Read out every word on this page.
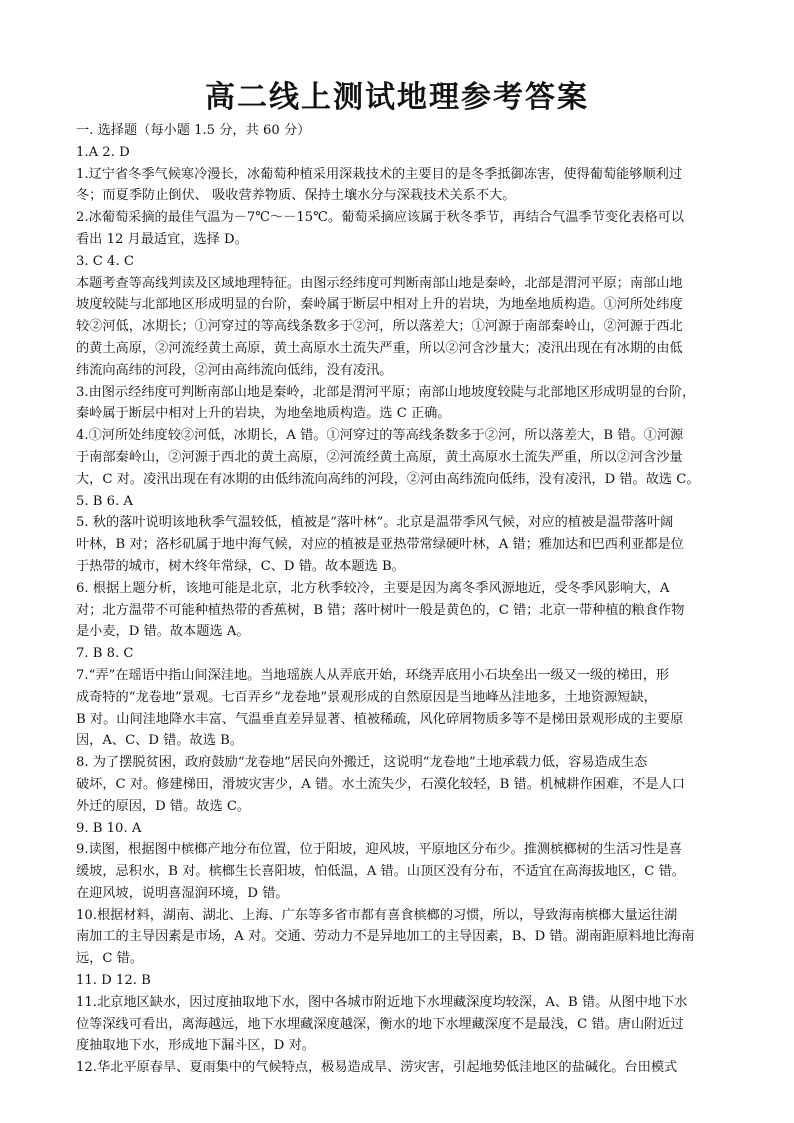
高二线上测试地理参考答案
一. 选择题（每小题 1.5 分，共 60 分）
1.A 2. D
1.辽宁省冬季气候寒冷漫长，冰葡萄种植采用深栽技术的主要目的是冬季抵御冻害，使得葡萄能够顺利过
冬；而夏季防止倒伏、 吸收营养物质、保持土壤水分与深栽技术关系不大。
2.冰葡萄采摘的最佳气温为－7℃～－15℃。葡萄采摘应该属于秋冬季节，再结合气温季节变化表格可以
看出 12 月最适宜，选择 D。
3. C 4. C
本题考查等高线判读及区域地理特征。由图示经纬度可判断南部山地是秦岭，北部是渭河平原；南部山地
坡度较陡与北部地区形成明显的台阶，秦岭属于断层中相对上升的岩块，为地垒地质构造。①河所处纬度
较②河低，冰期长；①河穿过的等高线条数多于②河，所以落差大；①河源于南部秦岭山，②河源于西北
的黄土高原，②河流经黄土高原，黄土高原水土流失严重，所以②河含沙量大；凌汛出现在有冰期的由低
纬流向高纬的河段，②河由高纬流向低纬，没有凌汛。
3.由图示经纬度可判断南部山地是秦岭，北部是渭河平原；南部山地坡度较陡与北部地区形成明显的台阶，
秦岭属于断层中相对上升的岩块，为地垒地质构造。选 C 正确。
4.①河所处纬度较②河低，冰期长，A 错。①河穿过的等高线条数多于②河，所以落差大，B 错。①河源
于南部秦岭山，②河源于西北的黄土高原，②河流经黄土高原，黄土高原水土流失严重，所以②河含沙量
大，C 对。凌汛出现在有冰期的由低纬流向高纬的河段，②河由高纬流向低纬，没有凌汛，D 错。故选 C。
5. B 6. A
5. 秋的落叶说明该地秋季气温较低，植被是“落叶林”。北京是温带季风气候，对应的植被是温带落叶阔
叶林，B 对；洛杉矶属于地中海气候，对应的植被是亚热带常绿硬叶林，A 错；雅加达和巴西利亚都是位
于热带的城市，树木终年常绿，C、D 错。故本题选 B。
6. 根据上题分析，该地可能是北京，北方秋季较冷，主要是因为离冬季风源地近，受冬季风影响大，A
对；北方温带不可能种植热带的香蕉树，B 错；落叶树叶一般是黄色的，C 错；北京一带种植的粮食作物
是小麦，D 错。故本题选 A。
7. B 8. C
7.“弄”在瑶语中指山间深洼地。当地瑶族人从弄底开始，环绕弄底用小石块垒出一级又一级的梯田，形
成奇特的“龙卷地”景观。七百弄乡“龙卷地”景观形成的自然原因是当地峰丛洼地多，土地资源短缺，
B 对。山间洼地降水丰富、气温垂直差异显著、植被稀疏，风化碎屑物质多等不是梯田景观形成的主要原
因，A、C、D 错。故选 B。
8. 为了摆脱贫困，政府鼓励“龙卷地”居民向外搬迁，这说明“龙卷地”土地承载力低，容易造成生态
破坏，C 对。修建梯田，滑坡灾害少，A 错。水土流失少，石漠化较轻，B 错。机械耕作困难，不是人口
外迁的原因，D 错。故选 C。
9. B 10. A
9.读图，根据图中槟榔产地分布位置，位于阳坡，迎风坡，平原地区分布少。推测槟榔树的生活习性是喜
缓坡，忌积水，B 对。槟榔生长喜阳坡，怕低温，A 错。山顶区没有分布，不适宜在高海拔地区，C 错。
在迎风坡，说明喜湿润环境，D 错。
10.根据材料，湖南、湖北、上海、广东等多省市都有喜食槟榔的习惯，所以，导致海南槟榔大量运往湖
南加工的主导因素是市场，A 对。交通、劳动力不是异地加工的主导因素，B、D 错。湖南距原料地比海南
远，C 错。
11. D 12. B
11.北京地区缺水，因过度抽取地下水，图中各城市附近地下水埋藏深度均较深，A、B 错。从图中地下水
位等深线可看出，离海越远，地下水埋藏深度越深，衡水的地下水埋藏深度不是最浅，C 错。唐山附近过
度抽取地下水，形成地下漏斗区，D 对。
12.华北平原春旱、夏雨集中的气候特点，极易造成旱、涝灾害，引起地势低洼地区的盐碱化。台田模式
